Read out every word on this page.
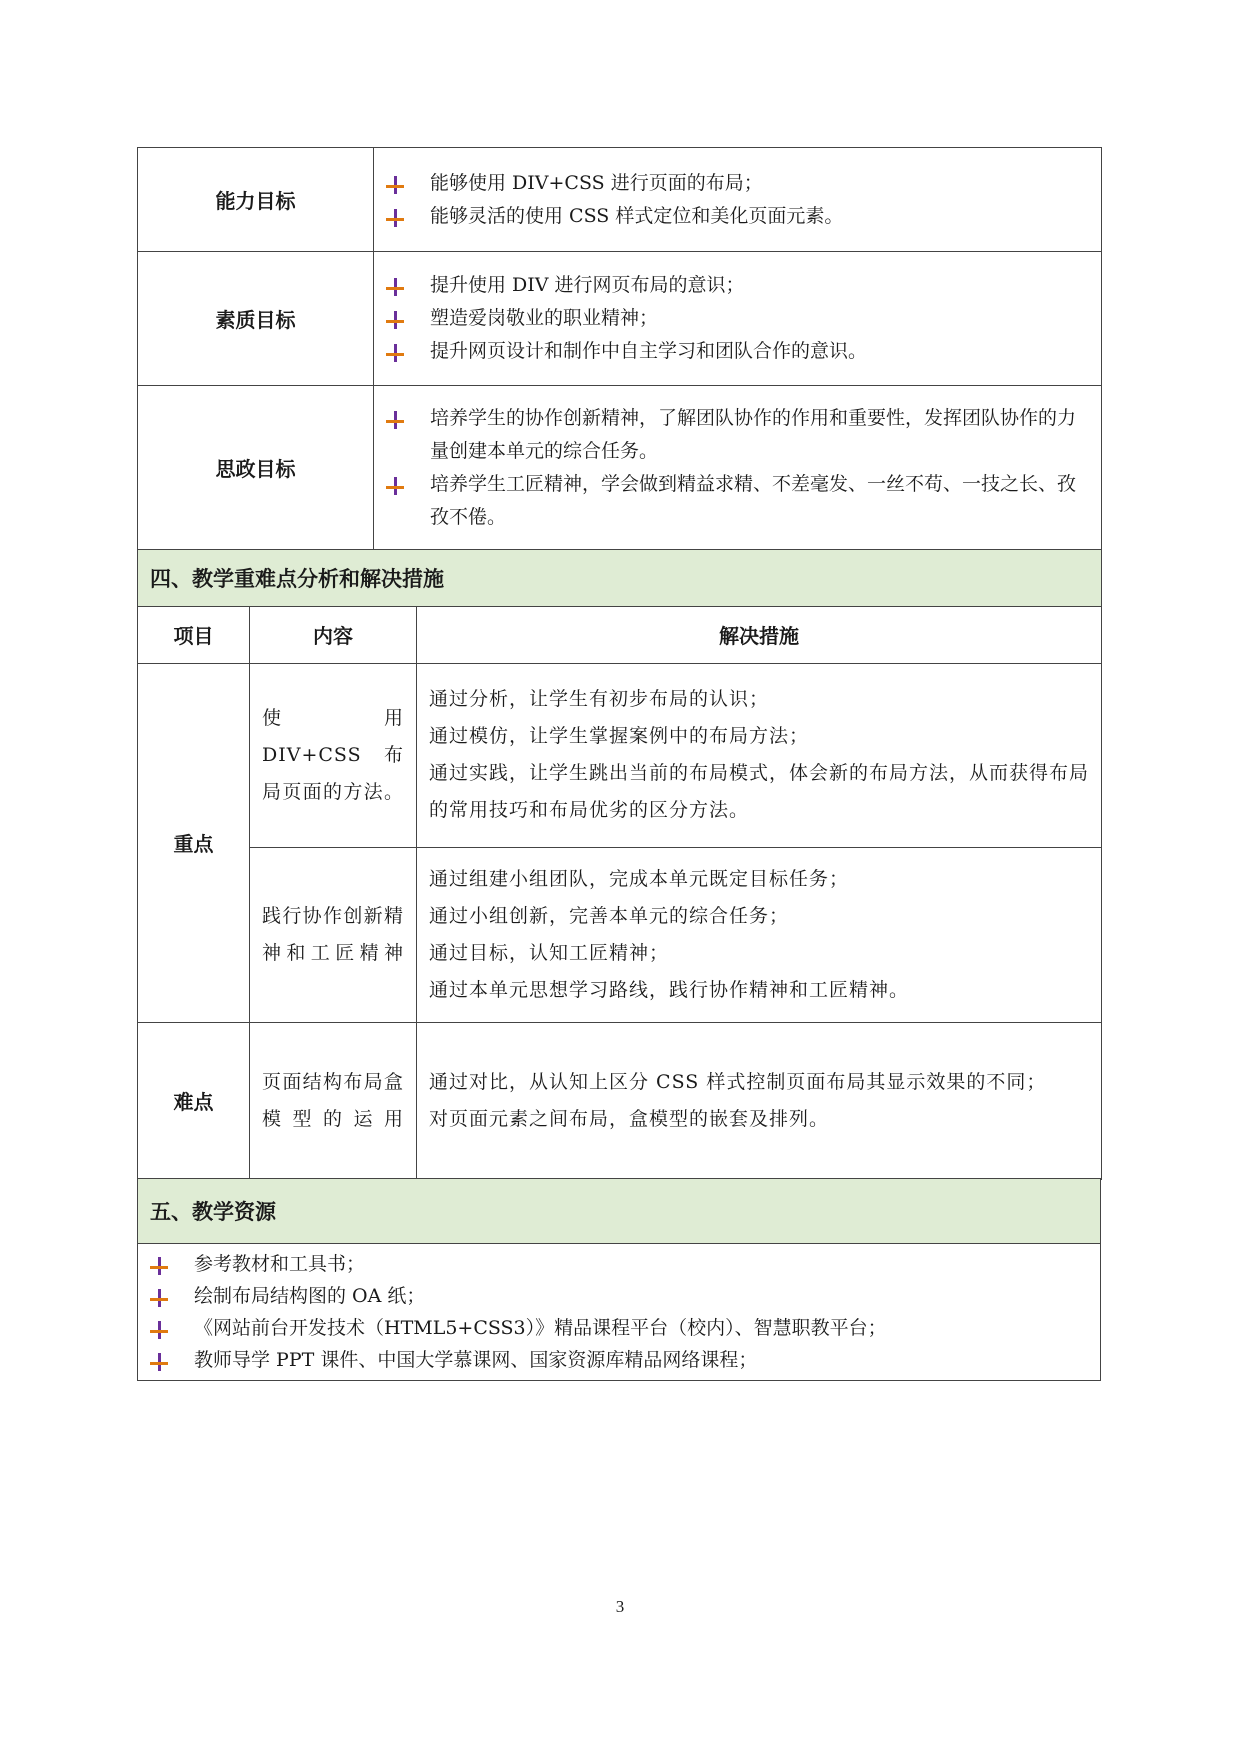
能力目标	能够使用 DIV+CSS 进行页面的布局；
能够灵活的使用 CSS 样式定位和美化页面元素。

素质目标	提升使用 DIV 进行网页布局的意识；
塑造爱岗敬业的职业精神；
提升网页设计和制作中自主学习和团队合作的意识。

思政目标	培养学生的协作创新精神，了解团队协作的作用和重要性，发挥团队协作的力量创建本单元的综合任务。
培养学生工匠精神，学会做到精益求精、不差毫发、一丝不苟、一技之长、孜孜不倦。
四、教学重难点分析和解决措施		
项目	内容	解决措施
重点	使用 DIV+CSS 布局页面的方法。	通过分析，让学生有初步布局的认识；
通过模仿，让学生掌握案例中的布局方法；
通过实践，让学生跳出当前的布局模式，体会新的布局方法，从而获得布局的常用技巧和布局优劣的区分方法。

	践行协作创新精神和工匠精神	通过组建小组团队，完成本单元既定目标任务；
通过小组创新，完善本单元的综合任务；
通过目标，认知工匠精神；
通过本单元思想学习路线，践行协作精神和工匠精神。

难点	页面结构布局盒模型的运用	通过对比，从认知上区分 CSS 样式控制页面布局其显示效果的不同；
对页面元素之间布局，盒模型的嵌套及排列。
五、教学资源

参考教材和工具书；
绘制布局结构图的 OA 纸；
《网站前台开发技术（HTML5+CSS3）》精品课程平台（校内）、智慧职教平台；
教师导学 PPT 课件、中国大学慕课网、国家资源库精品网络课程；
3
